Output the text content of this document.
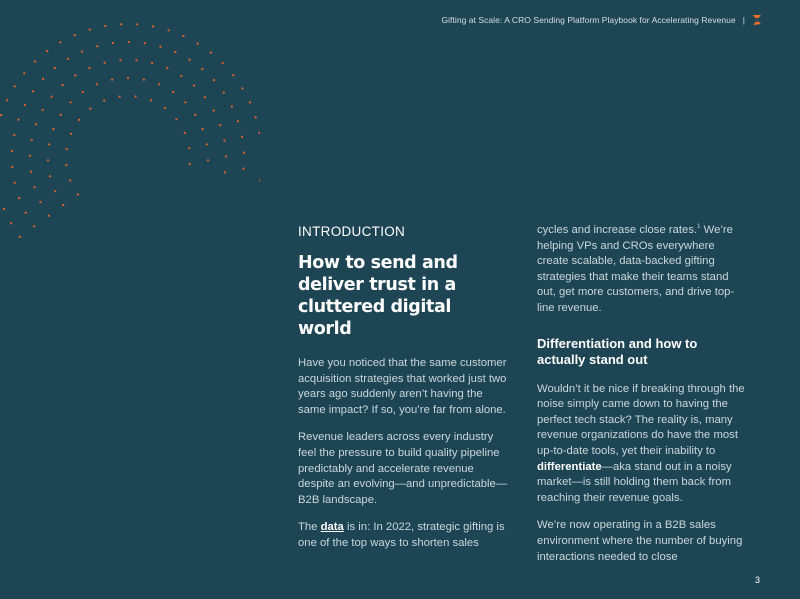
Gifting at Scale: A CRO Sending Platform Playbook for Accelerating Revenue |
INTRODUCTION
How to send and deliver trust in a cluttered digital world

Have you noticed that the same customer acquisition strategies that worked just two years ago suddenly aren’t having the same impact? If so, you’re far from alone.

Revenue leaders across every industry feel the pressure to build quality pipeline predictably and accelerate revenue despite an evolving—and unpredictable—B2B landscape.

The data is in: In 2022, strategic gifting is one of the top ways to shorten sales

cycles and increase close rates.$^1$ We’re helping VPs and CROs everywhere create scalable, data-backed gifting strategies that make their teams stand out, get more customers, and drive top-line revenue.

Differentiation and how to actually stand out

Wouldn’t it be nice if breaking through the noise simply came down to having the perfect tech stack? The reality is, many revenue organizations do have the most up-to-date tools, yet their inability to differentiate—aka stand out in a noisy market—is still holding them back from reaching their revenue goals.

We’re now operating in a B2B sales environment where the number of buying interactions needed to close

3
